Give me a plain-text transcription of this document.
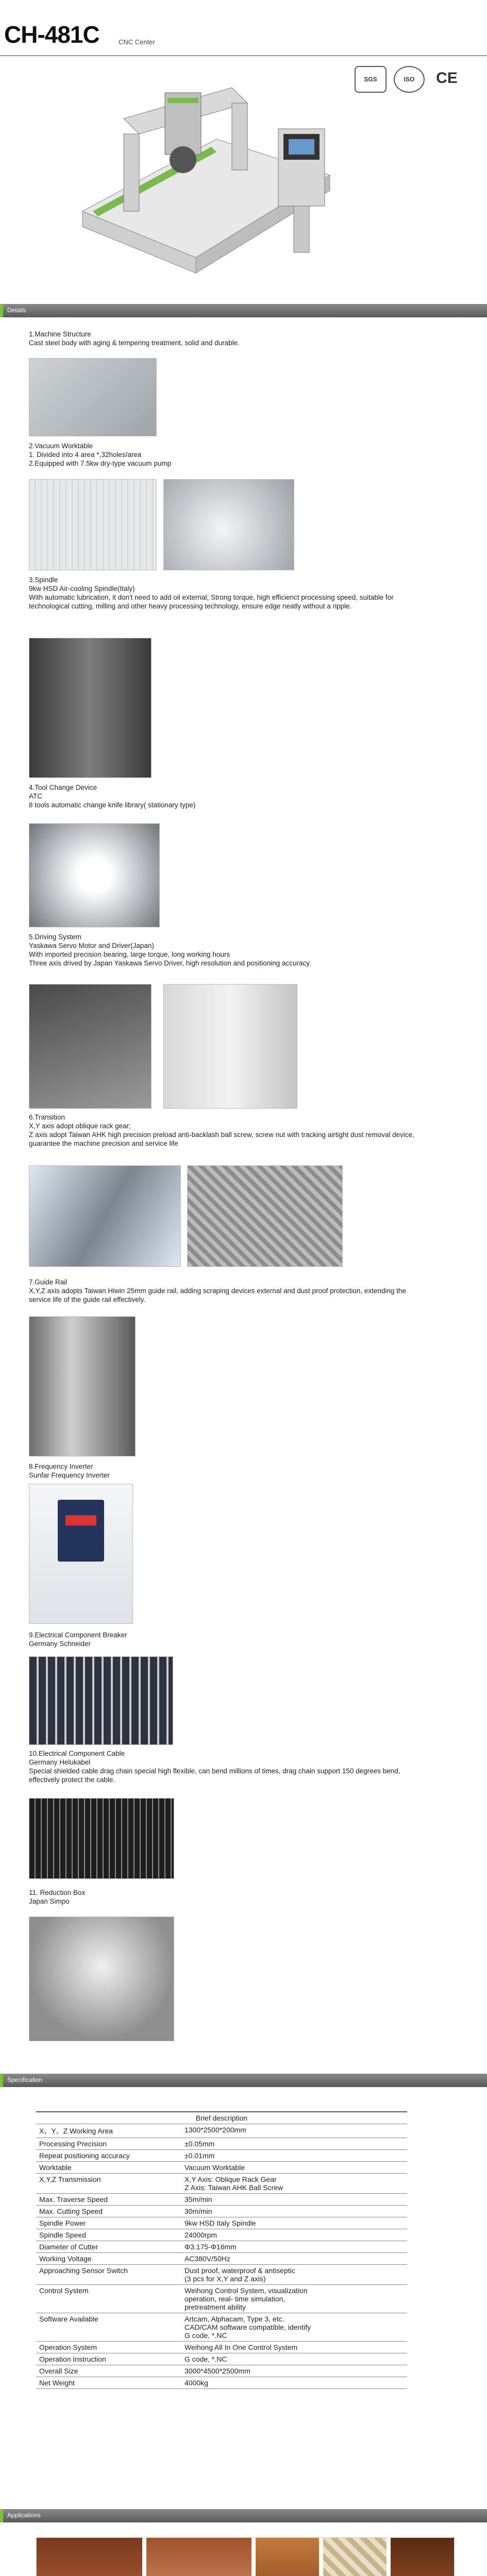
CH-481C	CNC Center
SGS	ISO	CE
Details
1.Machine Structure
Cast steel body with aging & tempering treatment, solid and durable.
2.Vacuum Worktable
1. Divided into 4 area *,32holes/area
2.Equipped with 7.5kw dry-type vacuum pump
3.Spindle
9kw HSD Air-cooling Spindle(Italy)
With automatic lubrication, it don't need to add oil external; Strong torque, high efficienct processing speed, suitable for technological cutting, milling and other heavy processing technology, ensure edge neatly without a ripple.
4.Tool Change Device
ATC
8 tools automatic change knife library( stationary type)
5.Driving System
Yaskawa Servo Motor and Driver(Japan)
With imported precision bearing, large torque, long working hours
Three axis drived by Japan Yaskawa Servo Driver, high resolution and positioning accuracy.
6.Transition
X,Y axis adopt oblique rack gear;
Z axis adopt Taiwan AHK high precision preload anti-backlash ball screw, screw nut with tracking airtight dust removal device, guarantee the machine precision and service life
7.Guide Rail
X,Y,Z axis adopts Taiwan Hiwin 25mm guide rail, adding scraping devices external and dust proof protection, extending the service life of the guide rail effectively.
8.Frequency Inverter
Sunfar Frequency Inverter
9.Electrical Component Breaker
Germany Schneider
10.Electrical Component Cable
Germany Helukabel
Special shielded cable drag chain special high flexible, can bend millions of times, drag chain support 150 degrees bend, effectively protect the cable.
11. Reduction Box
Japan Simpo
Specification
Brief description	
X、Y、Z Working Area	1300*2500*200mm
Processing Precision	±0.05mm
Repeat positioning accuracy	±0.01mm
Worktable	Vacuum Worktable
X,Y,Z Transmission	X,Y Axis: Oblique Rack Gear
Z Axis: Taiwan AHK Ball Screw
Max. Traverse Speed	35m/min
Max. Cutting Speed	30m/min
Spindle Power	9kw HSD Italy Spindle
Spindle Speed	24000rpm
Diameter of Cutter	Φ3.175-Φ16mm
Working Voltage	AC380V/50Hz
Approaching Sensor Switch	Dust proof, waterproof & antiseptic
(3 pcs for X,Y and Z axis)
Control System	Weihong Control System, visualization
operation, real- time simulation,
pretreatment ability
Software Available	Artcam, Alphacam, Type 3, etc.
CAD/CAM software compatible, identify
G code, *.NC
Operation System	Weihong All In One Control System
Operation Instruction	G code, *.NC
Overall Size	3000*4500*2500mm
Net Weight	4000kg
Applications
